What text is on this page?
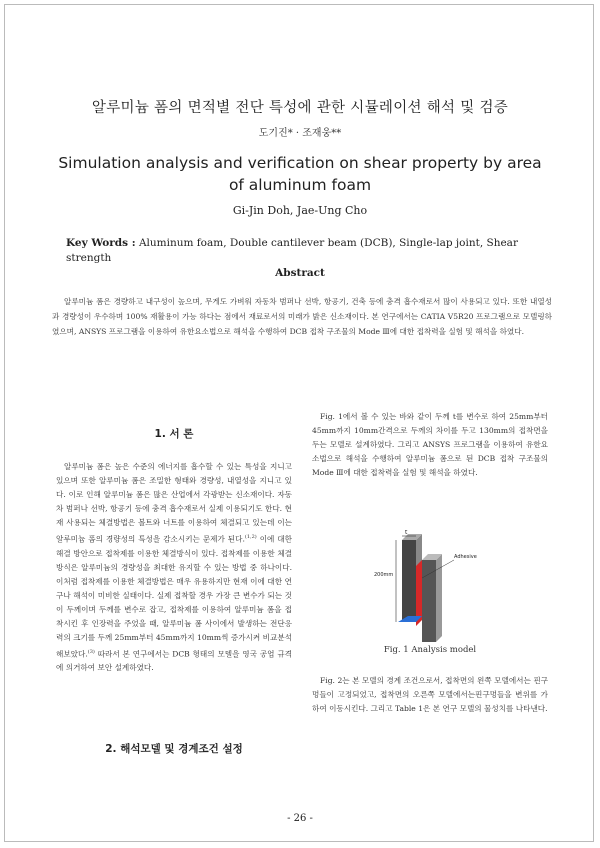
알루미늄 폼의 면적별 전단 특성에 관한 시뮬레이션 해석 및 검증
도기진* · 조재웅**
Simulation analysis and verification on shear property by area of aluminum foam
Gi-Jin Doh, Jae-Ung Cho
Key Words : Aluminum foam, Double cantilever beam (DCB), Single-lap joint, Shear strength
Abstract

알루미늄 폼은 경량하고 내구성이 높으며, 무게도 가벼워 자동차 범퍼나 선박, 항공기, 건축 등에 충격 흡수재로서 많이 사용되고 있다. 또한 내열성과 경량성이 우수하며 100% 재활용이 가능 하다는 점에서 재료로서의 미래가 밝은 신소재이다. 본 연구에서는 CATIA V5R20 프로그램으로 모델링하였으며, ANSYS 프로그램을 이용하여 유한요소법으로 해석을 수행하여 DCB 접착 구조물의 Mode Ⅲ에 대한 접착력을 실험 및 해석을 하였다.

1. 서 론

알루미늄 폼은 높은 수준의 에너지를 흡수할 수 있는 특성을 지니고 있으며 또한 알루미늄 폼은 조밀한 형태와 경량성, 내열성을 지니고 있다. 이로 인해 알루미늄 폼은 많은 산업에서 각광받는 신소재이다. 자동차 범퍼나 선박, 항공기 등에 충격 흡수재로서 실제 이용되기도 한다. 현재 사용되는 체결방법은 볼트와 너트를 이용하여 체결되고 있는데 이는 알루미늄 폼의 경량성의 특성을 감소시키는 문제가 된다.$^{(1,2)}$ 이에 대한 해결 방안으로 접착제를 이용한 체결방식이 있다. 접착제를 이용한 체결방식은 알루미늄의 경량성을 최대한 유지할 수 있는 방법 중 하나이다. 이처럼 접착제를 이용한 체결방법은 매우 유용하지만 현재 이에 대한 연구나 해석이 미비한 실태이다. 실제 접착할 경우 가장 큰 변수가 되는 것이 두께이며 두께를 변수로 잡고, 접착제를 이용하여 알루미늄 폼을 접착시킨 후 인장력을 주었을 때, 알루미늄 폼 사이에서 발생하는 전단응력의 크기를 두께 25mm부터 45mm까지 10mm씩 증가시켜 비교분석 해보았다.$^{(3)}$ 따라서 본 연구에서는 DCB 형태의 모델을 영국 공업 규격에 의거하여 보안 설계하였다.

2. 해석모델 및 경계조건 설정

Fig. 1에서 볼 수 있는 바와 같이 두께 t를 변수로 하여 25mm부터 45mm까지 10mm간격으로 두께의 차이를 두고 130mm의 접착면을 두는 모델로 설계하였다. 그리고 ANSYS 프로그램을 이용하여 유한요소법으로 해석을 수행하여 알루미늄 폼으로 된 DCB 접착 구조물의 Mode Ⅲ에 대한 접착력을 실험 및 해석을 하였다.

t
Adhesive
200mm
Fig. 1 Analysis model

Fig. 2는 본 모델의 경계 조건으로서, 접착면의 왼쪽 모델에서는 핀구멍들이 고정되었고, 접착면의 오른쪽 모델에서는핀구멍들을 변위를 가하여 이동시킨다. 그리고 Table 1은 본 연구 모델의 물성치를 나타낸다.

- 26 -
